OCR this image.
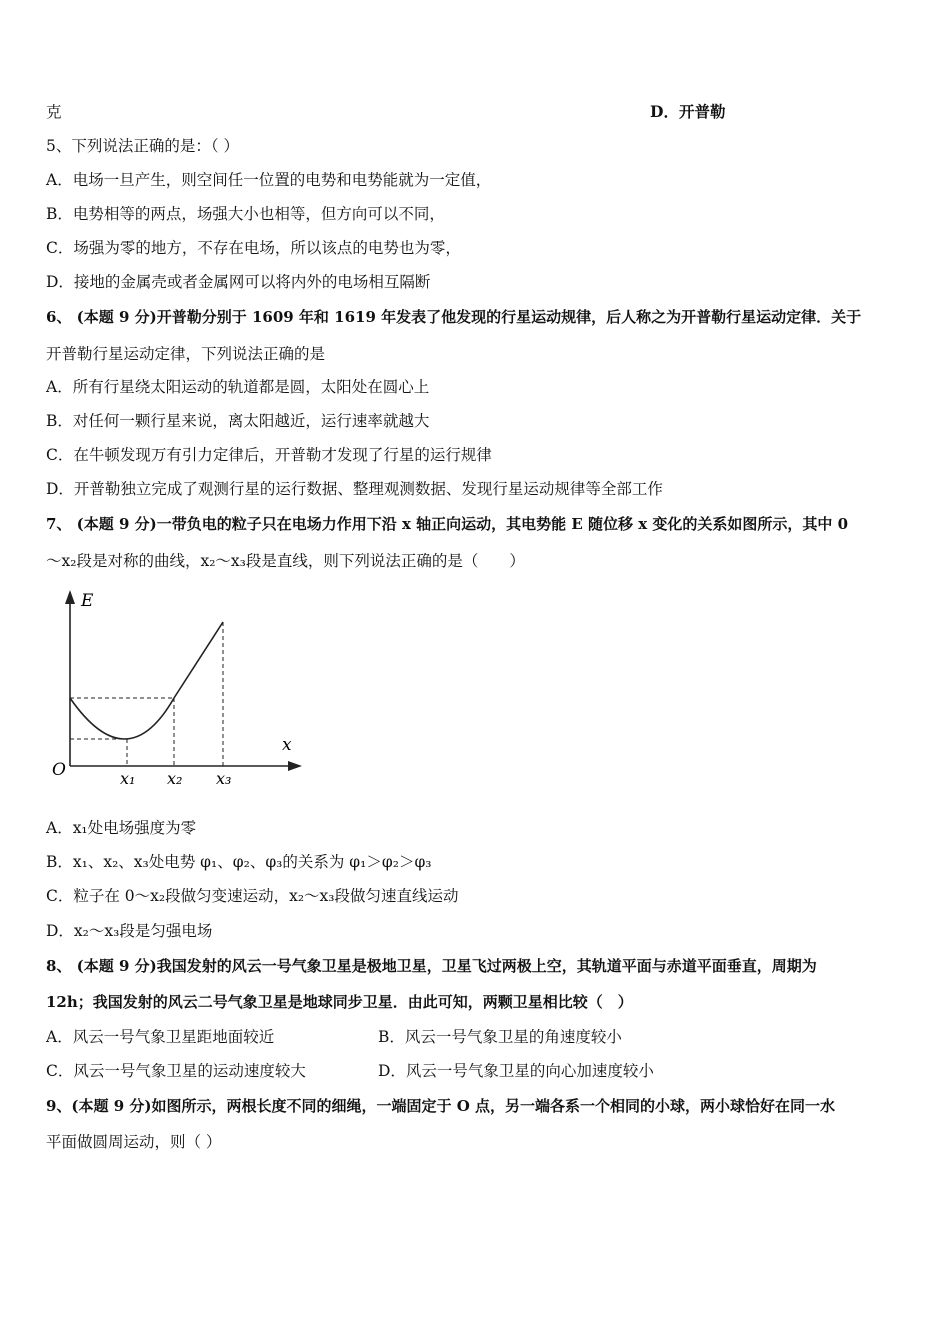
克	D．开普勒
5、下列说法正确的是：（ ）
A．电场一旦产生，则空间任一位置的电势和电势能就为一定值，
B．电势相等的两点，场强大小也相等，但方向可以不同，
C．场强为零的地方，不存在电场，所以该点的电势也为零，
D．接地的金属壳或者金属网可以将内外的电场相互隔断
6、 (本题 9 分)开普勒分别于 1609 年和 1619 年发表了他发现的行星运动规律，后人称之为开普勒行星运动定律．关于
开普勒行星运动定律，下列说法正确的是
A．所有行星绕太阳运动的轨道都是圆，太阳处在圆心上
B．对任何一颗行星来说，离太阳越近，运行速率就越大
C．在牛顿发现万有引力定律后，开普勒才发现了行星的运行规律
D．开普勒独立完成了观测行星的运行数据、整理观测数据、发现行星运动规律等全部工作
7、 (本题 9 分)一带负电的粒子只在电场力作用下沿 x 轴正向运动，其电势能 E 随位移 x 变化的关系如图所示，其中 0
～x₂段是对称的曲线，x₂～x₃段是直线，则下列说法正确的是（　　）
E
x
O	x₁ x₂ x₃
A．x₁处电场强度为零
B．x₁、x₂、x₃处电势 φ₁、φ₂、φ₃的关系为 φ₁＞φ₂＞φ₃
C．粒子在 0～x₂段做匀变速运动，x₂～x₃段做匀速直线运动
D．x₂～x₃段是匀强电场
8、 (本题 9 分)我国发射的风云一号气象卫星是极地卫星，卫星飞过两极上空，其轨道平面与赤道平面垂直，周期为
12h；我国发射的风云二号气象卫星是地球同步卫星．由此可知，两颗卫星相比较（　）
A．风云一号气象卫星距地面较近	B．风云一号气象卫星的角速度较小
C．风云一号气象卫星的运动速度较大	D．风云一号气象卫星的向心加速度较小
9、(本题 9 分)如图所示，两根长度不同的细绳，一端固定于 O 点，另一端各系一个相同的小球，两小球恰好在同一水
平面做圆周运动，则（ ）
